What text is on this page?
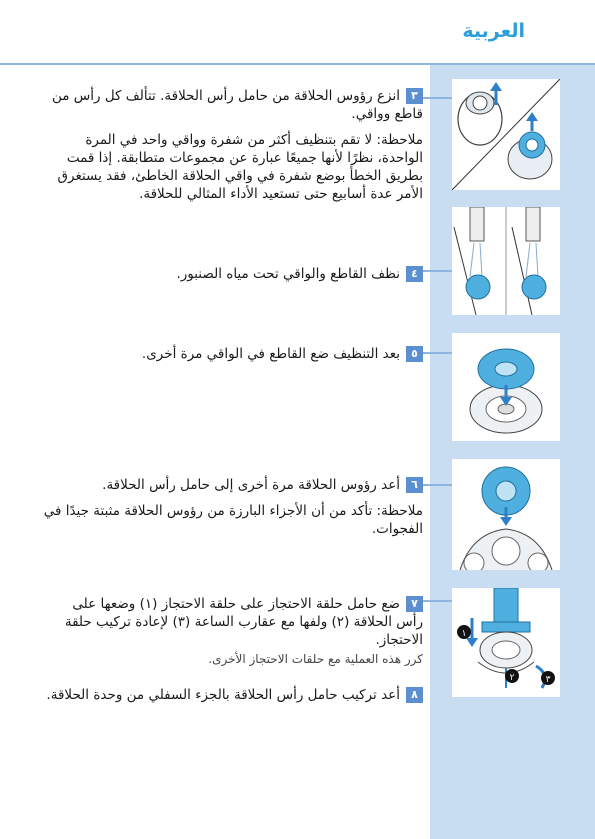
العربية
٣انزع رؤوس الحلاقة من حامل رأس الحلاقة. تتألف كل رأس من قاطع وواقي.
ملاحظة: لا تقم بتنظيف أكثر من شفرة وواقي واحد في المرة الواحدة، نظرًا لأنها جميعًا عبارة عن مجموعات متطابقة. إذا قمت بطريق الخطأ بوضع شفرة في واقي الحلاقة الخاطئ، فقد يستغرق الأمر عدة أسابيع حتى تستعيد الأداء المثالي للحلاقة.
٤نظف القاطع والواقي تحت مياه الصنبور.
٥بعد التنظيف ضع القاطع في الواقي مرة أخرى.
٦أعد رؤوس الحلاقة مرة أخرى إلى حامل رأس الحلاقة.
ملاحظة: تأكد من أن الأجزاء البارزة من رؤوس الحلاقة مثبتة جيدًا في الفجوات.
٧ضع حامل حلقة الاحتجاز على حلقة الاحتجاز (١) وضعها على رأس الحلاقة (٢) ولفها مع عقارب الساعة (٣) لإعادة تركيب حلقة الاحتجاز.
كرر هذه العملية مع حلقات الاحتجاز الأخرى.
٨أعد تركيب حامل رأس الحلاقة بالجزء السفلي من وحدة الحلاقة.
١
٢	٣
